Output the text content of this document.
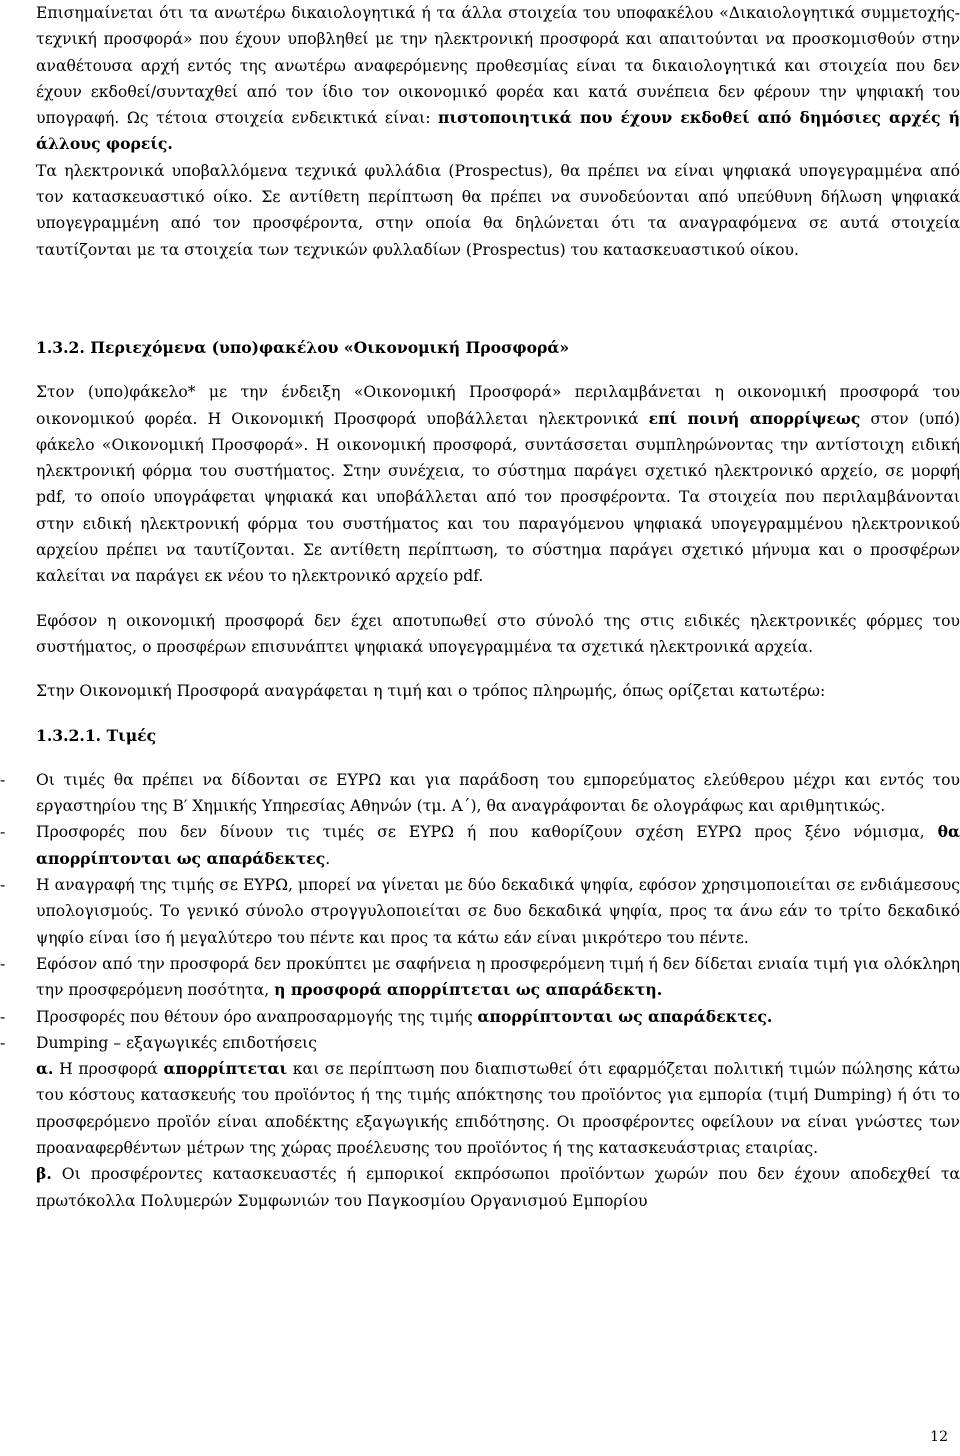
Επισημαίνεται ότι τα ανωτέρω δικαιολογητικά ή τα άλλα στοιχεία του υποφακέλου «Δικαιολογητικά συμμετοχής-τεχνική προσφορά» που έχουν υποβληθεί με την ηλεκτρονική προσφορά και απαιτούνται να προσκομισθούν στην αναθέτουσα αρχή εντός της ανωτέρω αναφερόμενης προθεσμίας είναι τα δικαιολογητικά και στοιχεία που δεν έχουν εκδοθεί/συνταχθεί από τον ίδιο τον οικονομικό φορέα και κατά συνέπεια δεν φέρουν την ψηφιακή του υπογραφή. Ως τέτοια στοιχεία ενδεικτικά είναι: πιστοποιητικά που έχουν εκδοθεί από δημόσιες αρχές ή άλλους φορείς.

Τα ηλεκτρονικά υποβαλλόμενα τεχνικά φυλλάδια (Prospectus), θα πρέπει να είναι ψηφιακά υπογεγραμμένα από τον κατασκευαστικό οίκο. Σε αντίθετη περίπτωση θα πρέπει να συνοδεύονται από υπεύθυνη δήλωση ψηφιακά υπογεγραμμένη από τον προσφέροντα, στην οποία θα δηλώνεται ότι τα αναγραφόμενα σε αυτά στοιχεία ταυτίζονται με τα στοιχεία των τεχνικών φυλλαδίων (Prospectus) του κατασκευαστικού οίκου.

1.3.2. Περιεχόμενα (υπο)φακέλου «Οικονομική Προσφορά»

Στον (υπο)φάκελο* με την ένδειξη «Οικονομική Προσφορά» περιλαμβάνεται η οικονομική προσφορά του οικονομικού φορέα. Η Οικονομική Προσφορά υποβάλλεται ηλεκτρονικά επί ποινή απορρίψεως στον (υπό) φάκελο «Οικονομική Προσφορά». Η οικονομική προσφορά, συντάσσεται συμπληρώνοντας την αντίστοιχη ειδική ηλεκτρονική φόρμα του συστήματος. Στην συνέχεια, το σύστημα παράγει σχετικό ηλεκτρονικό αρχείο, σε μορφή pdf, το οποίο υπογράφεται ψηφιακά και υποβάλλεται από τον προσφέροντα. Τα στοιχεία που περιλαμβάνονται στην ειδική ηλεκτρονική φόρμα του συστήματος και του παραγόμενου ψηφιακά υπογεγραμμένου ηλεκτρονικού αρχείου πρέπει να ταυτίζονται. Σε αντίθετη περίπτωση, το σύστημα παράγει σχετικό μήνυμα και ο προσφέρων καλείται να παράγει εκ νέου το ηλεκτρονικό αρχείο pdf.

Εφόσον η οικονομική προσφορά δεν έχει αποτυπωθεί στο σύνολό της στις ειδικές ηλεκτρονικές φόρμες του συστήματος, ο προσφέρων επισυνάπτει ψηφιακά υπογεγραμμένα τα σχετικά ηλεκτρονικά αρχεία.

Στην Οικονομική Προσφορά αναγράφεται η τιμή και ο τρόπος πληρωμής, όπως ορίζεται κατωτέρω:

1.3.2.1. Τιμές

- Οι τιμές θα πρέπει να δίδονται σε ΕΥΡΩ και για παράδοση του εμπορεύματος ελεύθερου μέχρι και εντός του εργαστηρίου της Β′ Χημικής Υπηρεσίας Αθηνών (τμ. Α΄), θα αναγράφονται δε ολογράφως και αριθμητικώς.
- Προσφορές που δεν δίνουν τις τιμές σε ΕΥΡΩ ή που καθορίζουν σχέση ΕΥΡΩ προς ξένο νόμισμα, θα απορρίπτονται ως απαράδεκτες.
- Η αναγραφή της τιμής σε ΕΥΡΩ, μπορεί να γίνεται με δύο δεκαδικά ψηφία, εφόσον χρησιμοποιείται σε ενδιάμεσους υπολογισμούς. Το γενικό σύνολο στρογγυλοποιείται σε δυο δεκαδικά ψηφία, προς τα άνω εάν το τρίτο δεκαδικό ψηφίο είναι ίσο ή μεγαλύτερο του πέντε και προς τα κάτω εάν είναι μικρότερο του πέντε.
- Εφόσον από την προσφορά δεν προκύπτει με σαφήνεια η προσφερόμενη τιμή ή δεν δίδεται ενιαία τιμή για ολόκληρη την προσφερόμενη ποσότητα, η προσφορά απορρίπτεται ως απαράδεκτη.
- Προσφορές που θέτουν όρο αναπροσαρμογής της τιμής απορρίπτονται ως απαράδεκτες.
- Dumping – εξαγωγικές επιδοτήσεις
α. Η προσφορά απορρίπτεται και σε περίπτωση που διαπιστωθεί ότι εφαρμόζεται πολιτική τιμών πώλησης κάτω του κόστους κατασκευής του προϊόντος ή της τιμής απόκτησης του προϊόντος για εμπορία (τιμή Dumping) ή ότι το προσφερόμενο προϊόν είναι αποδέκτης εξαγωγικής επιδότησης. Οι προσφέροντες οφείλουν να είναι γνώστες των προαναφερθέντων μέτρων της χώρας προέλευσης του προϊόντος ή της κατασκευάστριας εταιρίας.
β. Οι προσφέροντες κατασκευαστές ή εμπορικοί εκπρόσωποι προϊόντων χωρών που δεν έχουν αποδεχθεί τα πρωτόκολλα Πολυμερών Συμφωνιών του Παγκοσμίου Οργανισμού Εμπορίου
12
